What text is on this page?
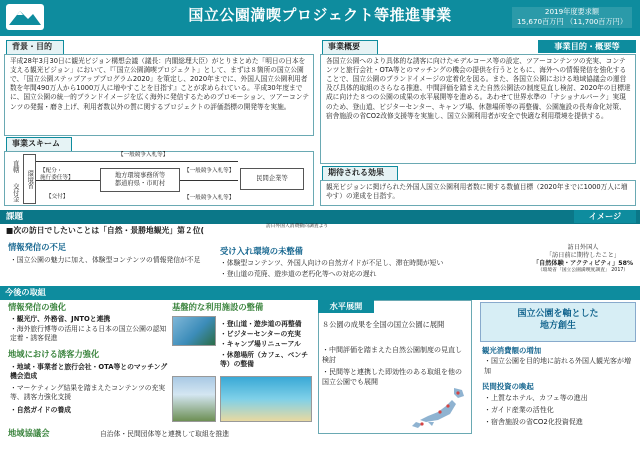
国立公園満喫プロジェクト等推進事業	2019年度要求額
15,670百万円 （11,700百万円）
背景・目的
平成28年3月30日に観光ビジョン構想会議（議長：内閣総理大臣）がとりまとめた「明日の日本を支える観光ビジョン」において、『「国立公園満喫プロジェクト」として、まずは８箇所の国立公園で、「国立公園ステップアッププログラム2020」を策定し、2020年までに、外国人国立公園利用者数を年間490万人から1000万人に増やすことを目指す』ことが求められている。平成30年度までに、国立公園の統一的ブランドイメージを広く海外に発信するためのプロモーション、ツアーコンテンツの発掘・磨き上げ、利用者数以外の質に関するプロジェクトの評価指標の開発等を実施。
事業スキーム
直轄
交付金
環境省
【一般競争入札等】
【配分・
施行委任等】
【交付】
地方環境事務所等
都道府県・市町村
【一般競争入札等】
【一般競争入札等】
民間企業等
事業概要	事業目的・概要等
各国立公園へのより具体的な誘客に向けたモデルコース等の設定、ツアーコンテンツの充実、コンテンツと旅行会社・OTA等とのマッチングの機会の提供を行うとともに、海外への情報発信を強化することで、国立公園のブランドイメージの定着化を図る。また、各国立公園における地域協議会の運営及び具体的取組のさらなる推進、中間評価を踏まえた自然公園法の制度見直し検討、2020年の目標達成に向けた８つの公園の成果の水平展開等を進める。あわせて世界水準の「ナショナルパーク」実現のため、登山道、ビジターセンター、キャンプ場、休憩場所等の再整備、公園施設の長寿命化対策、宿舎施設の省CO2改修支援等を実施し、国立公園利用者が安全で快適な利用環境を提供する。
期待される効果
観光ビジョンに掲げられた外国人国立公園利用者数に関する数値目標（2020年までに1000万人に増やす）の達成を目指す。
課題	イメージ
■次の訪日でしたいことは「自然・景勝地観光」第２位(	訪日外国人消費動向調査より
情報発信の不足
・国立公園の魅力に加え、体験型コンテンツの情報発信が不足
受け入れ環境の未整備
・体験型コンテンツ、外国人向けの自然ガイドが不足し、滞在時間が短い
・登山道の荒廃、遊歩道の老朽化等への対応の遅れ
訪日外国人
「訪日前に期待したこと」
「自然体験・アクティビティ」58%
（環境省「国立公園満喫度調査」 2017）
今後の取組
情報発信の強化
・観光庁、外務省、JNTOと連携
・海外旅行博等の活用による日本の国立公園の認知定着・誘客促進
地域における誘客力強化
・地域・事業者と旅行会社・OTA等とのマッチング機会造成
・マーケティング結果を踏まえたコンテンツの充実等、誘客力強化支援
・自然ガイドの養成
地域協議会	自治体・民間団体等と連携して取組を推進
基盤的な利用施設の整備
・登山道・遊歩道の再整備
・ビジターセンターの充実
・キャンプ場リニューアル
・休憩場所（カフェ、ベンチ等）の整備
水平展開
８公園の成果を全国の国立公園に展開
・中間評価を踏まえた自然公園制度の見直し検討
・民間等と連携した即効性のある取組を他の国立公園でも展開
国立公園を軸とした
地方創生
観光消費額の増加
・国立公園を目的地に訪れる外国人観光客が増加
民間投資の喚起
・上質なホテル、カフェ等の進出
・ガイド産業の活性化
・宿舎施設の省CO2化投資促進
